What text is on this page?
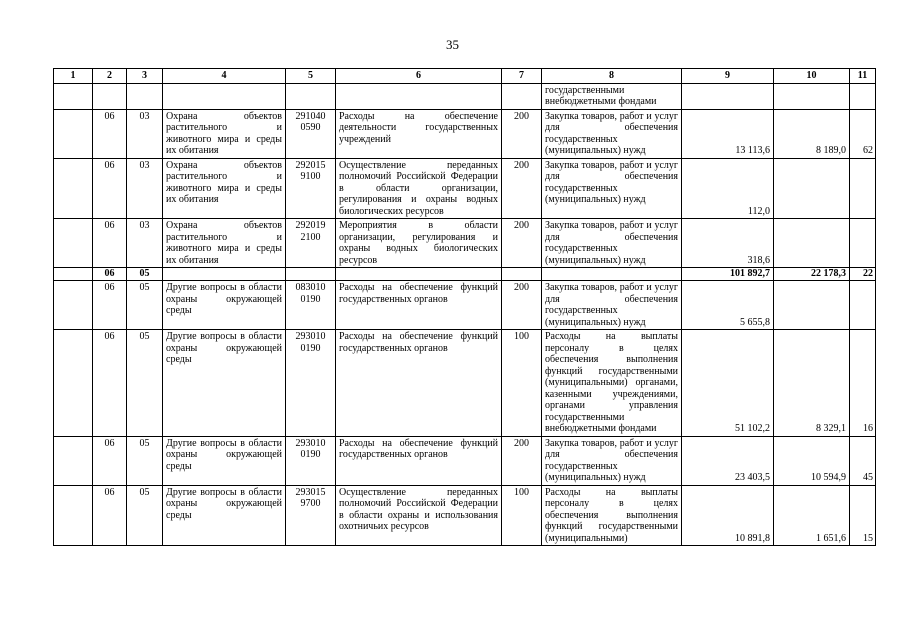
35
1	2	3	4	5	6	7	8	9	10	11
							государственными внебюджетными фондами			
	06	03	Охрана объектов растительного и животного мира и среды их обитания	291040 0590	Расходы на обеспечение деятельности государственных учреждений	200	Закупка товаров, работ и услуг для обеспечения государственных (муниципальных) нужд	13 113,6	8 189,0	62
	06	03	Охрана объектов растительного и животного мира и среды их обитания	292015 9100	Осуществление переданных полномочий Российской Федерации в области организации, регулирования и охраны водных биологических ресурсов	200	Закупка товаров, работ и услуг для обеспечения государственных (муниципальных) нужд	112,0		
	06	03	Охрана объектов растительного и животного мира и среды их обитания	292019 2100	Мероприятия в области организации, регулирования и охраны водных биологических ресурсов	200	Закупка товаров, работ и услуг для обеспечения государственных (муниципальных) нужд	318,6		
	06	05						101 892,7	22 178,3	22
	06	05	Другие вопросы в области охраны окружающей среды	083010 0190	Расходы на обеспечение функций государственных органов	200	Закупка товаров, работ и услуг для обеспечения государственных (муниципальных) нужд	5 655,8		
	06	05	Другие вопросы в области охраны окружающей среды	293010 0190	Расходы на обеспечение функций государственных органов	100	Расходы на выплаты персоналу в целях обеспечения выполнения функций государственными (муниципальными) органами, казенными учреждениями, органами управления государственными внебюджетными фондами	51 102,2	8 329,1	16
	06	05	Другие вопросы в области охраны окружающей среды	293010 0190	Расходы на обеспечение функций государственных органов	200	Закупка товаров, работ и услуг для обеспечения государственных (муниципальных) нужд	23 403,5	10 594,9	45
	06	05	Другие вопросы в области охраны окружающей среды	293015 9700	Осуществление переданных полномочий Российской Федерации в области охраны и использования охотничьих ресурсов	100	Расходы на выплаты персоналу в целях обеспечения выполнения функций государственными (муниципальными)	10 891,8	1 651,6	15
